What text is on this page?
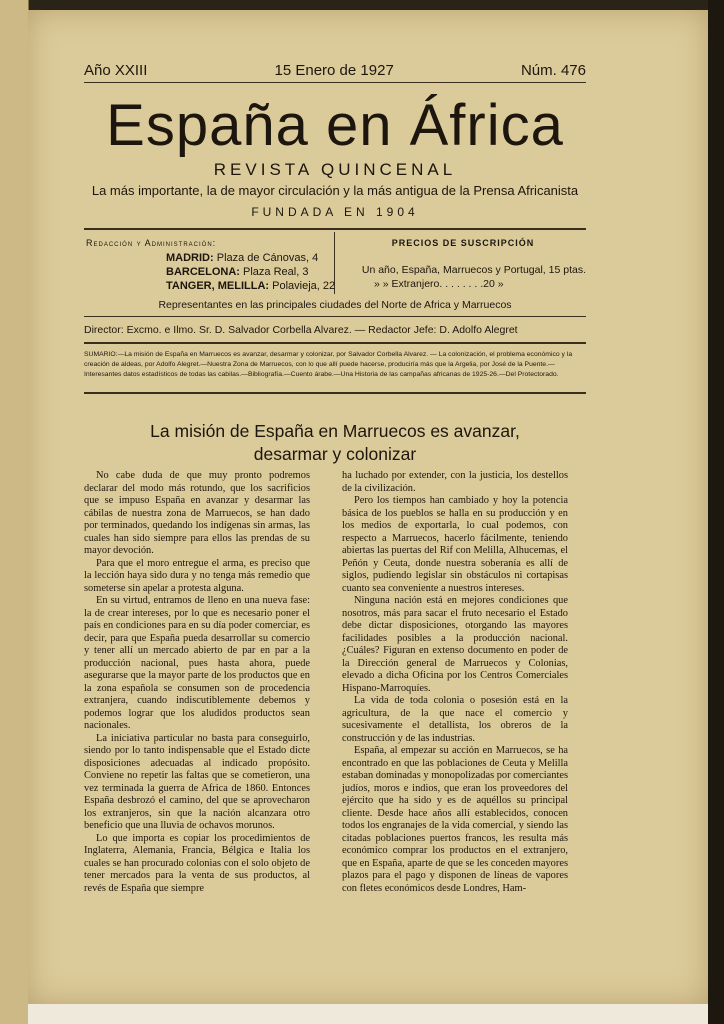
Año XXIII	15 Enero de 1927	Núm. 476
España en África
REVISTA QUINCENAL
La más importante, la de mayor circulación y la más antigua de la Prensa Africanista
FUNDADA EN 1904
Redacción y Administración:
MADRID: Plaza de Cánovas, 4
BARCELONA: Plaza Real, 3
TANGER, MELILLA: Polavieja, 22
PRECIOS DE SUSCRIPCIÓN
Un año, España, Marruecos y Portugal, 15 ptas.
» » Extranjero. . . . . . . .20 »
Representantes en las principales ciudades del Norte de Africa y Marruecos
Director: Excmo. e Ilmo. Sr. D. Salvador Corbella Alvarez. — Redactor Jefe: D. Adolfo Alegret
SUMARIO:—La misión de España en Marruecos es avanzar, desarmar y colonizar, por Salvador Corbella Alvarez. — La colonización, el problema económico y la creación de aldeas, por Adolfo Alegret.—Nuestra Zona de Marruecos, con lo que allí puede hacerse, produciría más que la Argelia, por José de la Puente.—Interesantes datos estadísticos de todas las cabilas.—Bibliografía.—Cuento árabe.—Una Historia de las campañas africanas de 1925-26.—Del Protectorado.
La misión de España en Marruecos es avanzar,
desarmar y colonizar

No cabe duda de que muy pronto podremos declarar del modo más rotundo, que los sacrificios que se impuso España en avanzar y desarmar las cábilas de nuestra zona de Marruecos, se han dado por terminados, quedando los indígenas sin armas, las cuales han sido siempre para ellos las prendas de su mayor devoción.

Para que el moro entregue el arma, es preciso que la lección haya sido dura y no tenga más remedio que someterse sin apelar a protesta alguna.

En su virtud, entramos de lleno en una nueva fase: la de crear intereses, por lo que es necesario poner el país en condiciones para en su día poder comerciar, es decir, para que España pueda desarrollar su comercio y tener allí un mercado abierto de par en par a la producción nacional, pues hasta ahora, puede asegurarse que la mayor parte de los productos que en la zona española se consumen son de procedencia extranjera, cuando indiscutiblemente debemos y podemos lograr que los aludidos productos sean nacionales.

La iniciativa particular no basta para conseguirlo, siendo por lo tanto indispensable que el Estado dicte disposiciones adecuadas al indicado propósito. Conviene no repetir las faltas que se cometieron, una vez terminada la guerra de Africa de 1860. Entonces España desbrozó el camino, del que se aprovecharon los extranjeros, sin que la nación alcanzara otro beneficio que una lluvia de ochavos morunos.

Lo que importa es copiar los procedimientos de Inglaterra, Alemania, Francia, Bélgica e Italia los cuales se han procurado colonias con el solo objeto de tener mercados para la venta de sus productos, al revés de España que siempre

ha luchado por extender, con la justicia, los destellos de la civilización.

Pero los tiempos han cambiado y hoy la potencia básica de los pueblos se halla en su producción y en los medios de exportarla, lo cual podemos, con respecto a Marruecos, hacerlo fácilmente, teniendo abiertas las puertas del Rif con Melilla, Alhucemas, el Peñón y Ceuta, donde nuestra soberanía es allí de siglos, pudiendo legislar sin obstáculos ni cortapisas cuanto sea conveniente a nuestros intereses.

Ninguna nación está en mejores condiciones que nosotros, más para sacar el fruto necesario el Estado debe dictar disposiciones, otorgando las mayores facilidades posibles a la producción nacional. ¿Cuáles? Figuran en extenso documento en poder de la Dirección general de Marruecos y Colonias, elevado a dicha Oficina por los Centros Comerciales Hispano-Marroquíes.

La vida de toda colonia o posesión está en la agricultura, de la que nace el comercio y sucesivamente el detallista, los obreros de la construcción y de las industrias.

España, al empezar su acción en Marruecos, se ha encontrado en que las poblaciones de Ceuta y Melilla estaban dominadas y monopolizadas por comerciantes judíos, moros e indios, que eran los proveedores del ejército que ha sido y es de aquéllos su principal cliente. Desde hace años allí establecidos, conocen todos los engranajes de la vida comercial, y siendo las citadas poblaciones puertos francos, les resulta más económico comprar los productos en el extranjero, que en España, aparte de que se les conceden mayores plazos para el pago y disponen de líneas de vapores con fletes económicos desde Londres, Ham-
